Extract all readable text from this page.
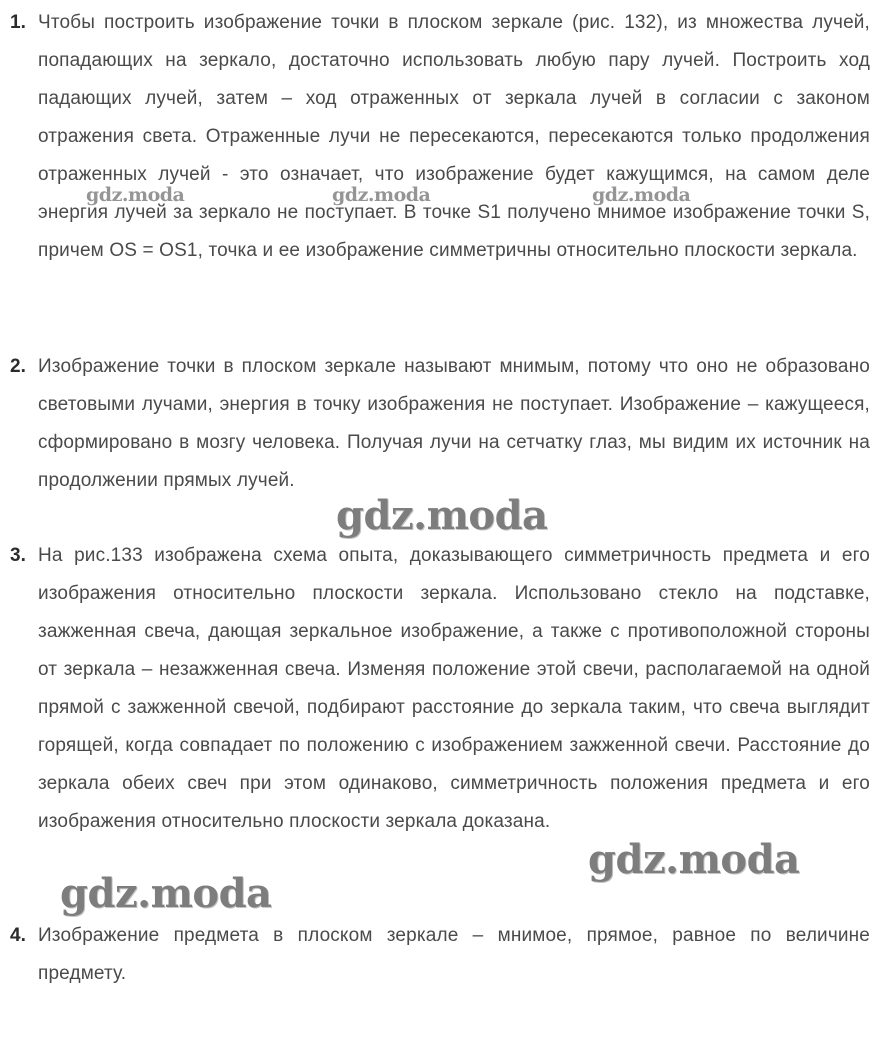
1. Чтобы построить изображение точки в плоском зеркале (рис. 132), из множества лучей, попадающих на зеркало, достаточно использовать любую пару лучей. Построить ход падающих лучей, затем – ход отраженных от зеркала лучей в согласии с законом отражения света. Отраженные лучи не пересекаются, пересекаются только продолжения отраженных лучей - это означает, что изображение будет кажущимся, на самом деле энергия лучей за зеркало не поступает. В точке S1 получено мнимое изображение точки S, причем OS = OS1, точка и ее изображение симметричны относительно плоскости зеркала.
2. Изображение точки в плоском зеркале называют мнимым, потому что оно не образовано световыми лучами, энергия в точку изображения не поступает. Изображение – кажущееся, сформировано в мозгу человека. Получая лучи на сетчатку глаз, мы видим их источник на продолжении прямых лучей.
3. На рис.133 изображена схема опыта, доказывающего симметричность предмета и его изображения относительно плоскости зеркала. Использовано стекло на подставке, зажженная свеча, дающая зеркальное изображение, а также с противоположной стороны от зеркала – незажженная свеча. Изменяя положение этой свечи, располагаемой на одной прямой с зажженной свечой, подбирают расстояние до зеркала таким, что свеча выглядит горящей, когда совпадает по положению с изображением зажженной свечи. Расстояние до зеркала обеих свеч при этом одинаково, симметричность положения предмета и его изображения относительно плоскости зеркала доказана.
4. Изображение предмета в плоском зеркале – мнимое, прямое, равное по величине предмету.
gdz.moda	gdz.moda	gdz.moda
gdz.moda
gdz.moda
gdz.moda
